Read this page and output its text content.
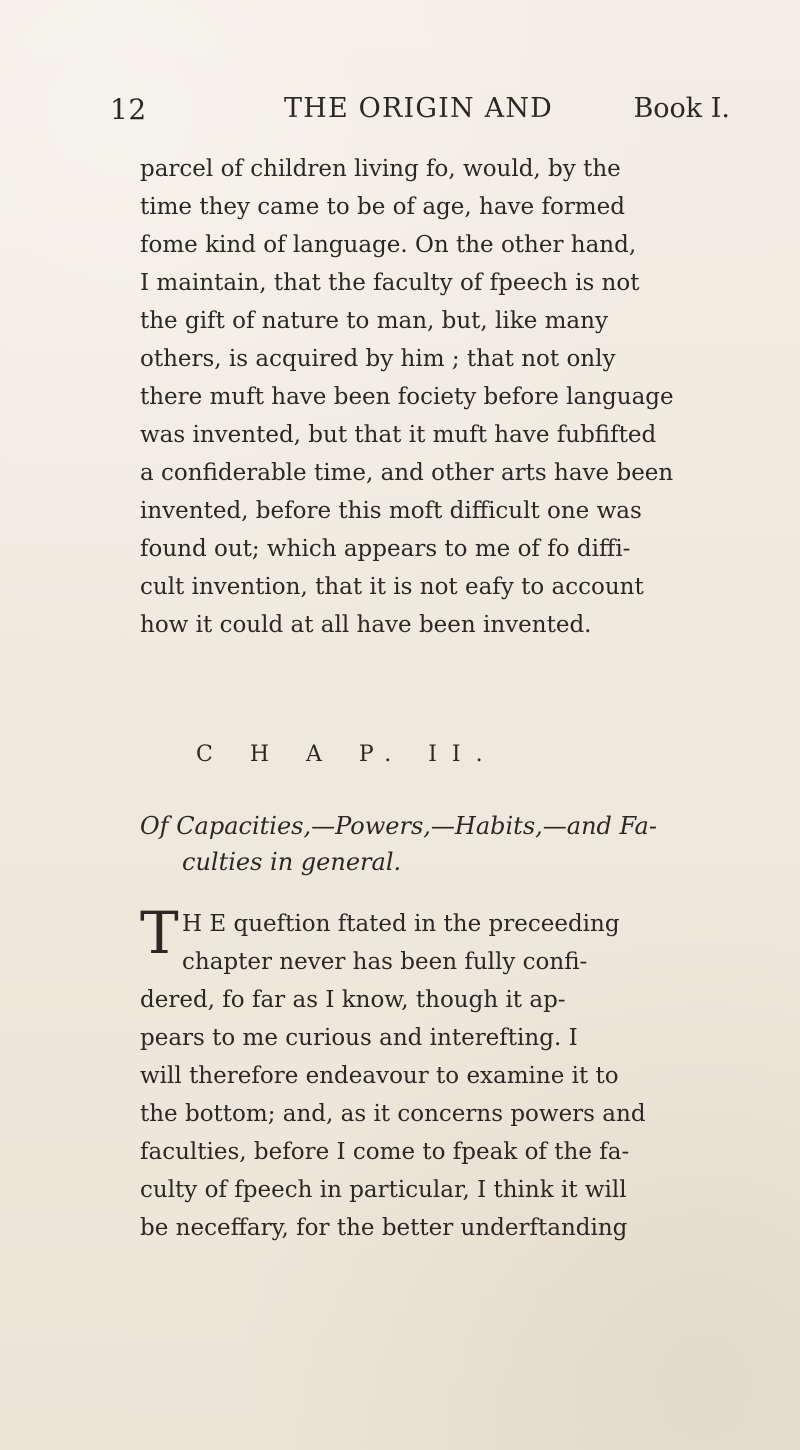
12	THE ORIGIN AND	Book I.
parcel of children living fo, would, by the
time they came to be of age, have formed
fome kind of language. On the other hand,
I maintain, that the faculty of fpeech is not
the gift of nature to man, but, like many
others, is acquired by him ; that not only
there muft have been fociety before language
was invented, but that it muft have fubfifted
a confiderable time, and other arts have been
invented, before this moft difficult one was
found out; which appears to me of fo diffi-
cult invention, that it is not eafy to account
how it could at all have been invented.
C H A P. II.
Of Capacities,—Powers,—Habits,—and Fa-
culties in general.
T H E queftion ftated in the preceeding
chapter never has been fully confi-
dered, fo far as I know, though it ap-
pears to me curious and interefting. I
will therefore endeavour to examine it to
the bottom; and, as it concerns powers and
faculties, before I come to fpeak of the fa-
culty of fpeech in particular, I think it will
be neceffary, for the better underftanding
